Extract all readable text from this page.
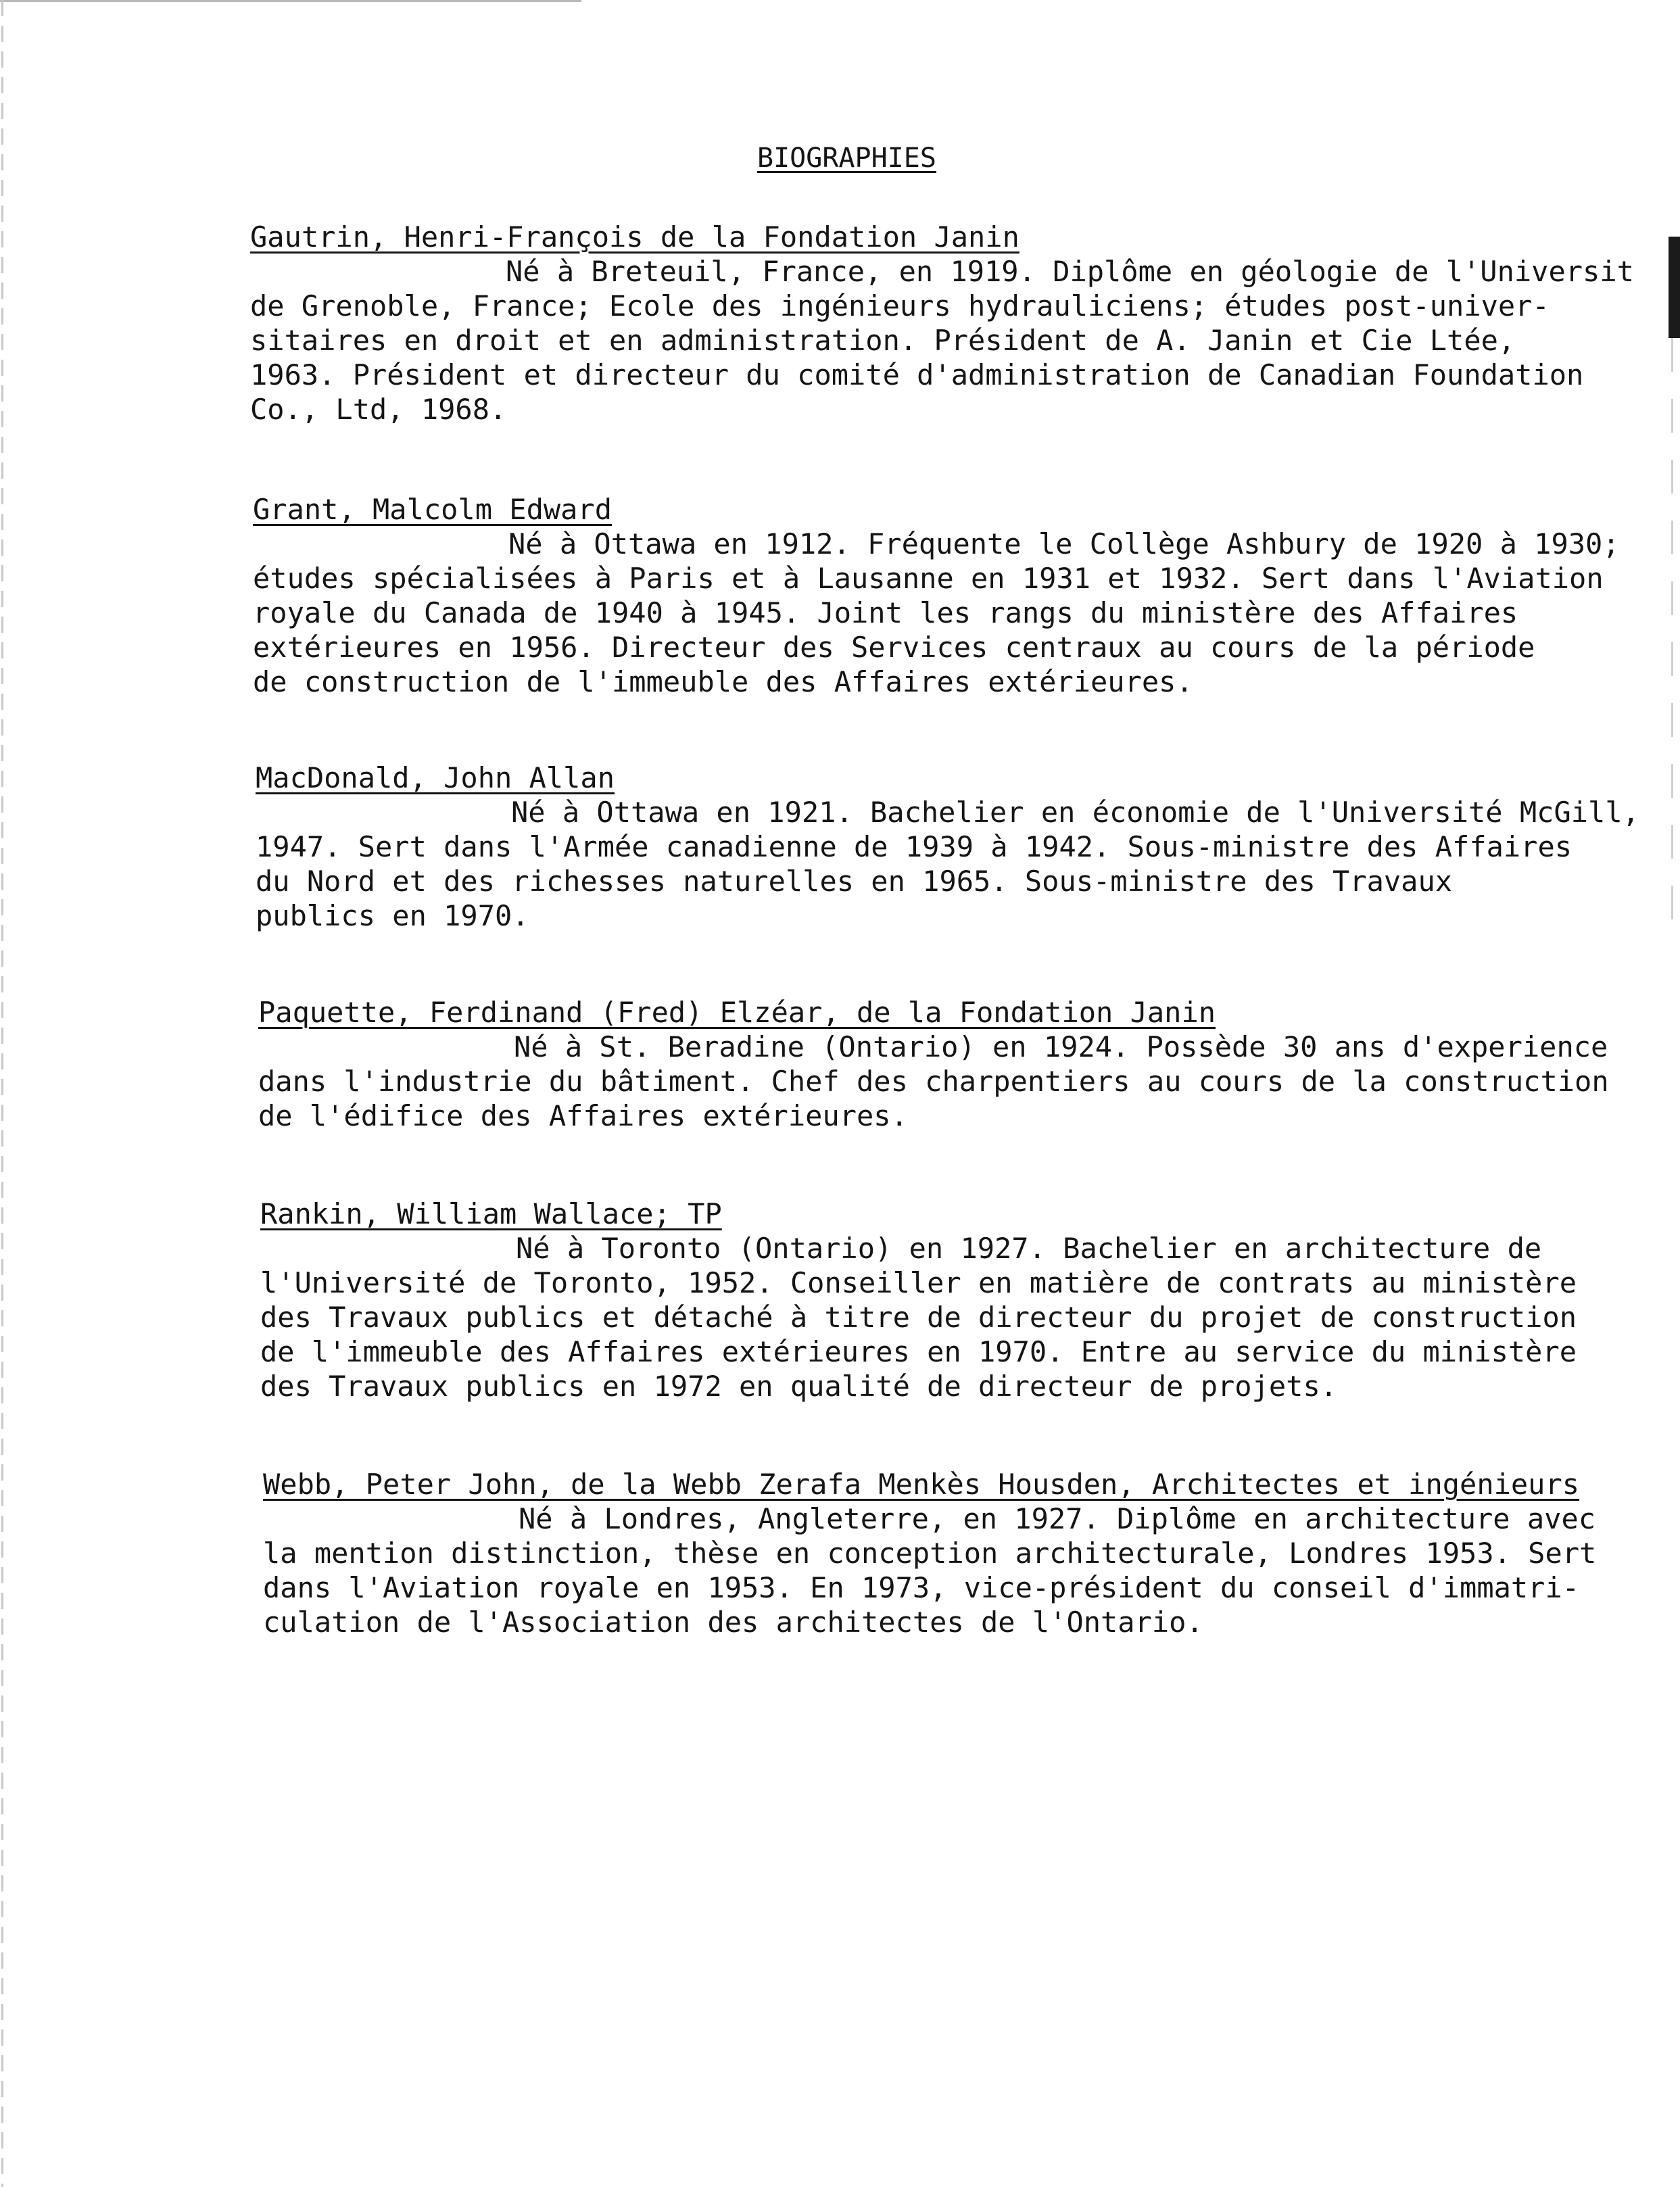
BIOGRAPHIES
Gautrin, Henri-François de la Fondation Janin
Né à Breteuil, France, en 1919. Diplôme en géologie de l'Universit
de Grenoble, France; Ecole des ingénieurs hydrauliciens; études post-univer-
sitaires en droit et en administration. Président de A. Janin et Cie Ltée,
1963. Président et directeur du comité d'administration de Canadian Foundation
Co., Ltd, 1968.
Grant, Malcolm Edward
Né à Ottawa en 1912. Fréquente le Collège Ashbury de 1920 à 1930;
études spécialisées à Paris et à Lausanne en 1931 et 1932. Sert dans l'Aviation
royale du Canada de 1940 à 1945. Joint les rangs du ministère des Affaires
extérieures en 1956. Directeur des Services centraux au cours de la période
de construction de l'immeuble des Affaires extérieures.
MacDonald, John Allan
Né à Ottawa en 1921. Bachelier en économie de l'Université McGill,
1947. Sert dans l'Armée canadienne de 1939 à 1942. Sous-ministre des Affaires
du Nord et des richesses naturelles en 1965. Sous-ministre des Travaux
publics en 1970.
Paquette, Ferdinand (Fred) Elzéar, de la Fondation Janin
Né à St. Beradine (Ontario) en 1924. Possède 30 ans d'experience
dans l'industrie du bâtiment. Chef des charpentiers au cours de la construction
de l'édifice des Affaires extérieures.
Rankin, William Wallace; TP
Né à Toronto (Ontario) en 1927. Bachelier en architecture de
l'Université de Toronto, 1952. Conseiller en matière de contrats au ministère
des Travaux publics et détaché à titre de directeur du projet de construction
de l'immeuble des Affaires extérieures en 1970. Entre au service du ministère
des Travaux publics en 1972 en qualité de directeur de projets.
Webb, Peter John, de la Webb Zerafa Menkès Housden, Architectes et ingénieurs
Né à Londres, Angleterre, en 1927. Diplôme en architecture avec
la mention distinction, thèse en conception architecturale, Londres 1953. Sert
dans l'Aviation royale en 1953. En 1973, vice-président du conseil d'immatri-
culation de l'Association des architectes de l'Ontario.
